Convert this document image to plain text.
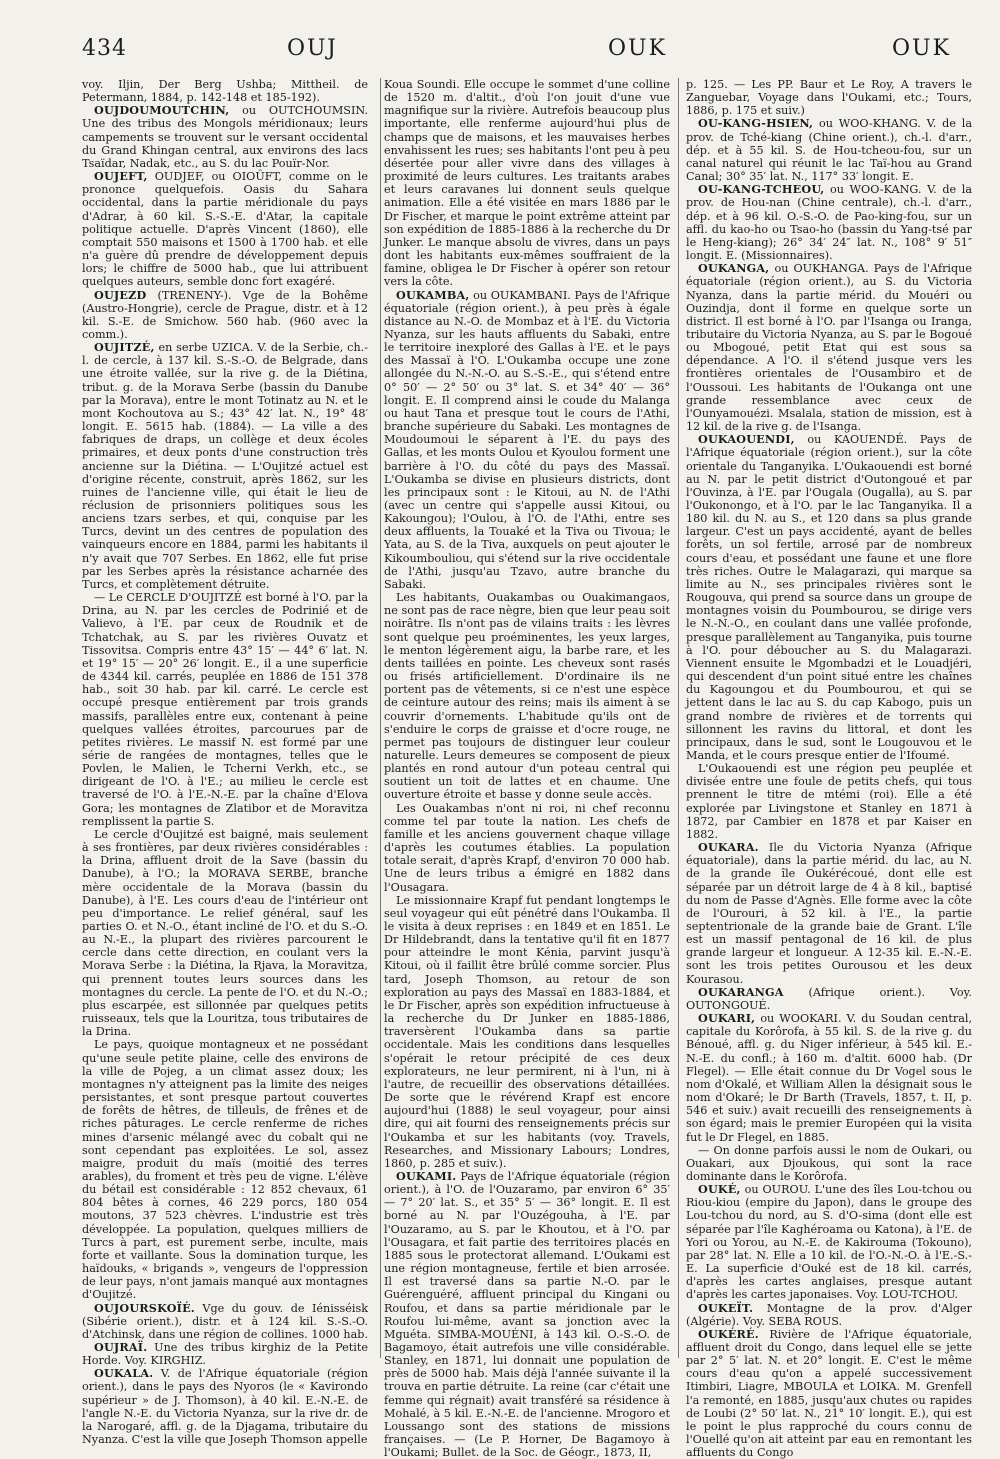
434	OUJ	OUK	OUK

voy. Iljin, Der Berg Ushba; Mittheil. de Petermann, 1884, p. 142-148 et 185-192).

OUJDOUMOUTCHIN, ou OUTCHOUMSIN. Une des tribus des Mongols méridionaux; leurs campements se trouvent sur le versant occidental du Grand Khingan central, aux environs des lacs Tsaïdar, Nadak, etc., au S. du lac Pouïr-Nor.

OUJEFT, OUDJEF, ou OIOÛFT, comme on le prononce quelquefois. Oasis du Sahara occidental, dans la partie méridionale du pays d'Adrar, à 60 kil. S.-S.-E. d'Atar, la capitale politique actuelle. D'après Vincent (1860), elle comptait 550 maisons et 1500 à 1700 hab. et elle n'a guère dû prendre de développement depuis lors; le chiffre de 5000 hab., que lui attribuent quelques auteurs, semble donc fort exagéré.

OUJEZD (TRENENY-). Vge de la Bohême (Austro-Hongrie), cercle de Prague, distr. et à 12 kil. S.-E. de Smichow. 560 hab. (960 avec la comm.).

OUJITZÉ, en serbe UZICA. V. de la Serbie, ch.-l. de cercle, à 137 kil. S.-S.-O. de Belgrade, dans une étroite vallée, sur la rive g. de la Diétina, tribut. g. de la Morava Serbe (bassin du Danube par la Morava), entre le mont Totinatz au N. et le mont Kochoutova au S.; 43° 42′ lat. N., 19° 48′ longit. E. 5615 hab. (1884). — La ville a des fabriques de draps, un collège et deux écoles primaires, et deux ponts d'une construction très ancienne sur la Diétina. — L'Oujitzé actuel est d'origine récente, construit, après 1862, sur les ruines de l'ancienne ville, qui était le lieu de réclusion de prisonniers politiques sous les anciens tzars serbes, et qui, conquise par les Turcs, devint un des centres de population des vainqueurs encore en 1884, parmi les habitants il n'y avait que 707 Serbes. En 1862, elle fut prise par les Serbes après la résistance acharnée des Turcs, et complètement détruite.

— Le CERCLE D'OUJITZÉ est borné à l'O. par la Drina, au N. par les cercles de Podrinié et de Valievo, à l'E. par ceux de Roudnik et de Tchatchak, au S. par les rivières Ouvatz et Tissovitsa. Compris entre 43° 15′ — 44° 6′ lat. N. et 19° 15′ — 20° 26′ longit. E., il a une superficie de 4344 kil. carrés, peuplée en 1886 de 151 378 hab., soit 30 hab. par kil. carré. Le cercle est occupé presque entièrement par trois grands massifs, parallèles entre eux, contenant à peine quelques vallées étroites, parcourues par de petites rivières. Le massif N. est formé par une série de rangées de montagnes, telles que le Povlen, le Malien, le Tcherni Verkh, etc., se dirigeant de l'O. à l'E.; au milieu le cercle est traversé de l'O. à l'E.-N.-E. par la chaîne d'Elova Gora; les montagnes de Zlatibor et de Moravitza remplissent la partie S.

Le cercle d'Oujitzé est baigné, mais seulement à ses frontières, par deux rivières considérables : la Drina, affluent droit de la Save (bassin du Danube), à l'O.; la MORAVA SERBE, branche mère occidentale de la Morava (bassin du Danube), à l'E. Les cours d'eau de l'intérieur ont peu d'importance. Le relief général, sauf les parties O. et N.-O., étant incliné de l'O. et du S.-O. au N.-E., la plupart des rivières parcourent le cercle dans cette direction, en coulant vers la Morava Serbe : la Diétina, la Rjava, la Moravitza, qui prennent toutes leurs sources dans les montagnes du cercle. La pente de l'O. et du N.-O.; plus escarpée, est sillonnée par quelques petits ruisseaux, tels que la Louritza, tous tributaires de la Drina.

Le pays, quoique montagneux et ne possédant qu'une seule petite plaine, celle des environs de la ville de Pojeg, a un climat assez doux; les montagnes n'y atteignent pas la limite des neiges persistantes, et sont presque partout couvertes de forêts de hêtres, de tilleuls, de frênes et de riches pâturages. Le cercle renferme de riches mines d'arsenic mélangé avec du cobalt qui ne sont cependant pas exploitées. Le sol, assez maigre, produit du maïs (moitié des terres arables), du froment et très peu de vigne. L'élève du bétail est considérable : 12 852 chevaux, 61 804 bêtes à cornes, 46 229 porcs, 180 054 moutons, 37 523 chèvres. L'industrie est très développée. La population, quelques milliers de Turcs à part, est purement serbe, inculte, mais forte et vaillante. Sous la domination turque, les haïdouks, « brigands », vengeurs de l'oppression de leur pays, n'ont jamais manqué aux montagnes d'Oujitzé.

OUJOURSKOÏÉ. Vge du gouv. de Iénisséisk (Sibérie orient.), distr. et à 124 kil. S.-S.-O. d'Atchinsk, dans une région de collines. 1000 hab.

OUJRAÏ. Une des tribus kirghiz de la Petite Horde. Voy. KIRGHIZ.

OUKALA. V. de l'Afrique équatoriale (région orient.), dans le pays des Nyoros (le « Kavirondo supérieur » de J. Thomson), à 40 kil. E.-N.-E. de l'angle N.-E. du Victoria Nyanza, sur la rive dr. de la Narogaré, affl. g. de la Djagama, tributaire du Nyanza. C'est la ville que Joseph Thomson appelle

Koua Soundi. Elle occupe le sommet d'une colline de 1520 m. d'altit., d'où l'on jouit d'une vue magnifique sur la rivière. Autrefois beaucoup plus importante, elle renferme aujourd'hui plus de champs que de maisons, et les mauvaises herbes envahissent les rues; ses habitants l'ont peu à peu désertée pour aller vivre dans des villages à proximité de leurs cultures. Les traitants arabes et leurs caravanes lui donnent seuls quelque animation. Elle a été visitée en mars 1886 par le Dr Fischer, et marque le point extrême atteint par son expédition de 1885-1886 à la recherche du Dr Junker. Le manque absolu de vivres, dans un pays dont les habitants eux-mêmes souffraient de la famine, obligea le Dr Fischer à opérer son retour vers la côte.

OUKAMBA, ou OUKAMBANI. Pays de l'Afrique équatoriale (région orient.), à peu près à égale distance au N.-O. de Mombaz et à l'E. du Victoria Nyanza, sur les hauts affluents du Sabaki, entre le territoire inexploré des Gallas à l'E. et le pays des Massaï à l'O. L'Oukamba occupe une zone allongée du N.-N.-O. au S.-S.-E., qui s'étend entre 0° 50′ — 2° 50′ ou 3° lat. S. et 34° 40′ — 36° longit. E. Il comprend ainsi le coude du Malanga ou haut Tana et presque tout le cours de l'Athi, branche supérieure du Sabaki. Les montagnes de Moudoumoui le séparent à l'E. du pays des Gallas, et les monts Oulou et Kyoulou forment une barrière à l'O. du côté du pays des Massaï. L'Oukamba se divise en plusieurs districts, dont les principaux sont : le Kitoui, au N. de l'Athi (avec un centre qui s'appelle aussi Kitoui, ou Kakoungou); l'Oulou, à l'O. de l'Athi, entre ses deux affluents, la Touaké et la Tiva ou Tivoua; le Yata, au S. de la Tiva, auxquels on peut ajouter le Kikoumbouliou, qui s'étend sur la rive occidentale de l'Athi, jusqu'au Tzavo, autre branche du Sabaki.

Les habitants, Ouakambas ou Ouakimangaos, ne sont pas de race nègre, bien que leur peau soit noirâtre. Ils n'ont pas de vilains traits : les lèvres sont quelque peu proéminentes, les yeux larges, le menton légèrement aigu, la barbe rare, et les dents taillées en pointe. Les cheveux sont rasés ou frisés artificiellement. D'ordinaire ils ne portent pas de vêtements, si ce n'est une espèce de ceinture autour des reins; mais ils aiment à se couvrir d'ornements. L'habitude qu'ils ont de s'enduire le corps de graisse et d'ocre rouge, ne permet pas toujours de distinguer leur couleur naturelle. Leurs demeures se composent de pieux plantés en rond autour d'un poteau central qui soutient un toit de lattes et en chaume. Une ouverture étroite et basse y donne seule accès.

Les Ouakambas n'ont ni roi, ni chef reconnu comme tel par toute la nation. Les chefs de famille et les anciens gouvernent chaque village d'après les coutumes établies. La population totale serait, d'après Krapf, d'environ 70 000 hab. Une de leurs tribus a émigré en 1882 dans l'Ousagara.

Le missionnaire Krapf fut pendant longtemps le seul voyageur qui eût pénétré dans l'Oukamba. Il le visita à deux reprises : en 1849 et en 1851. Le Dr Hildebrandt, dans la tentative qu'il fit en 1877 pour atteindre le mont Kénia, parvint jusqu'à Kitoui, où il faillit être brûlé comme sorcier. Plus tard, Joseph Thomson, au retour de son exploration au pays des Massaï en 1883-1884, et le Dr Fischer, après son expédition infructueuse à la recherche du Dr Junker en 1885-1886, traversèrent l'Oukamba dans sa partie occidentale. Mais les conditions dans lesquelles s'opérait le retour précipité de ces deux explorateurs, ne leur permirent, ni à l'un, ni à l'autre, de recueillir des observations détaillées. De sorte que le révérend Krapf est encore aujourd'hui (1888) le seul voyageur, pour ainsi dire, qui ait fourni des renseignements précis sur l'Oukamba et sur les habitants (voy. Travels, Researches, and Missionary Labours; Londres, 1860, p. 285 et suiv.).

OUKAMI. Pays de l'Afrique équatoriale (région orient.), à l'O. de l'Ouzaramo, par environ 6° 35′ — 7° 20′ lat. S., et 35° 5′ — 36° longit. E. Il est borné au N. par l'Ouzégouha, à l'E. par l'Ouzaramo, au S. par le Khoutou, et à l'O. par l'Ousagara, et fait partie des territoires placés en 1885 sous le protectorat allemand. L'Oukami est une région montagneuse, fertile et bien arrosée. Il est traversé dans sa partie N.-O. par le Guérenguéré, affluent principal du Kingani ou Roufou, et dans sa partie méridionale par le Roufou lui-même, avant sa jonction avec la Mguéta. SIMBA-MOUÉNI, à 143 kil. O.-S.-O. de Bagamoyo, était autrefois une ville considérable. Stanley, en 1871, lui donnait une population de près de 5000 hab. Mais déjà l'année suivante il la trouva en partie détruite. La reine (car c'était une femme qui régnait) avait transféré sa résidence à Mohalé, à 5 kil. E.-N.-E. de l'ancienne. Mrogoro et Loussango sont des stations de missions françaises. — (Le P. Horner, De Bagamoyo à l'Oukami; Bullet. de la Soc. de Géogr., 1873, II,

p. 125. — Les PP. Baur et Le Roy, A travers le Zanguebar, Voyage dans l'Oukami, etc.; Tours, 1886, p. 175 et suiv.)

OU-KANG-HSIEN, ou WOO-KHANG. V. de la prov. de Tché-kiang (Chine orient.), ch.-l. d'arr., dép. et à 55 kil. S. de Hou-tcheou-fou, sur un canal naturel qui réunit le lac Taï-hou au Grand Canal; 30° 35′ lat. N., 117° 33′ longit. E.

OU-KANG-TCHEOU, ou WOO-KANG. V. de la prov. de Hou-nan (Chine centrale), ch.-l. d'arr., dép. et à 96 kil. O.-S.-O. de Pao-king-fou, sur un affl. du kao-ho ou Tsao-ho (bassin du Yang-tsé par le Heng-kiang); 26° 34′ 24″ lat. N., 108° 9′ 51″ longit. E. (Missionnaires).

OUKANGA, ou OUKHANGA. Pays de l'Afrique équatoriale (région orient.), au S. du Victoria Nyanza, dans la partie mérid. du Mouéri ou Ouzindja, dont il forme en quelque sorte un district. Il est borné à l'O. par l'Isanga ou Iranga, tributaire du Victoria Nyanza, au S. par le Bogoué ou Mbogoué, petit Etat qui est sous sa dépendance. A l'O. il s'étend jusque vers les frontières orientales de l'Ousambiro et de l'Oussoui. Les habitants de l'Oukanga ont une grande ressemblance avec ceux de l'Ounyamouézi. Msalala, station de mission, est à 12 kil. de la rive g. de l'Isanga.

OUKAOUENDI, ou KAOUENDÉ. Pays de l'Afrique équatoriale (région orient.), sur la côte orientale du Tanganyika. L'Oukaouendi est borné au N. par le petit district d'Outongoué et par l'Ouvinza, à l'E. par l'Ougala (Ougalla), au S. par l'Oukonongo, et à l'O. par le lac Tanganyika. Il a 180 kil. du N. au S., et 120 dans sa plus grande largeur. C'est un pays accidenté, ayant de belles forêts, un sol fertile, arrosé par de nombreux cours d'eau, et possédant une faune et une flore très riches. Outre le Malagarazi, qui marque sa limite au N., ses principales rivières sont le Rougouva, qui prend sa source dans un groupe de montagnes voisin du Poumbourou, se dirige vers le N.-N.-O., en coulant dans une vallée profonde, presque parallèlement au Tanganyika, puis tourne à l'O. pour déboucher au S. du Malagarazi. Viennent ensuite le Mgombadzi et le Louadjéri, qui descendent d'un point situé entre les chaînes du Kagoungou et du Poumbourou, et qui se jettent dans le lac au S. du cap Kabogo, puis un grand nombre de rivières et de torrents qui sillonnent les ravins du littoral, et dont les principaux, dans le sud, sont le Lougouvou et le Manda, et le cours presque entier de l'Ifoumé.

L'Oukaouendi est une région peu peuplée et divisée entre une foule de petits chefs, qui tous prennent le titre de mtémi (roi). Elle a été explorée par Livingstone et Stanley en 1871 à 1872, par Cambier en 1878 et par Kaiser en 1882.

OUKARA. Ile du Victoria Nyanza (Afrique équatoriale), dans la partie mérid. du lac, au N. de la grande île Oukérécoué, dont elle est séparée par un détroit large de 4 à 8 kil., baptisé du nom de Passe d'Agnès. Elle forme avec la côte de l'Ourouri, à 52 kil. à l'E., la partie septentrionale de la grande baie de Grant. L'île est un massif pentagonal de 16 kil. de plus grande largeur et longueur. A 12-35 kil. E.-N.-E. sont les trois petites Ourousou et les deux Kourasou.

OUKARANGA (Afrique orient.). Voy. OUTONGOUÉ.

OUKARI, ou WOOKARI. V. du Soudan central, capitale du Korôrofa, à 55 kil. S. de la rive g. du Bénoué, affl. g. du Niger inférieur, à 545 kil. E.-N.-E. du confl.; à 160 m. d'altit. 6000 hab. (Dr Flegel). — Elle était connue du Dr Vogel sous le nom d'Okalé, et William Allen la désignait sous le nom d'Okaré; le Dr Barth (Travels, 1857, t. II, p. 546 et suiv.) avait recueilli des renseignements à son égard; mais le premier Européen qui la visita fut le Dr Flegel, en 1885.

— On donne parfois aussi le nom de Oukari, ou Ouakari, aux Djoukous, qui sont la race dominante dans le Korôrofa.

OUKÉ, ou OUROU. L'une des îles Lou-tchou ou Riou-kiou (empire du Japon), dans le groupe des Lou-tchou du nord, au S. d'O-sima (dont elle est séparée par l'île Kaghéroama ou Katona), à l'E. de Yori ou Yorou, au N.-E. de Kakirouma (Tokouno), par 28° lat. N. Elle a 10 kil. de l'O.-N.-O. à l'E.-S.-E. La superficie d'Ouké est de 18 kil. carrés, d'après les cartes anglaises, presque autant d'après les cartes japonaises. Voy. LOU-TCHOU.

OUKEÏT. Montagne de la prov. d'Alger (Algérie). Voy. SEBA ROUS.

OUKÉRÉ. Rivière de l'Afrique équatoriale, affluent droit du Congo, dans lequel elle se jette par 2° 5′ lat. N. et 20° longit. E. C'est le même cours d'eau qu'on a appelé successivement Itimbiri, Liagre, MBOULA et LOIKA. M. Grenfell l'a remonté, en 1885, jusqu'aux chutes ou rapides de Loubi (2° 50′ lat. N., 21° 10′ longit. E.), qui est le point le plus rapproché du cours connu de l'Ouellé qu'on ait atteint par eau en remontant les affluents du Congo
